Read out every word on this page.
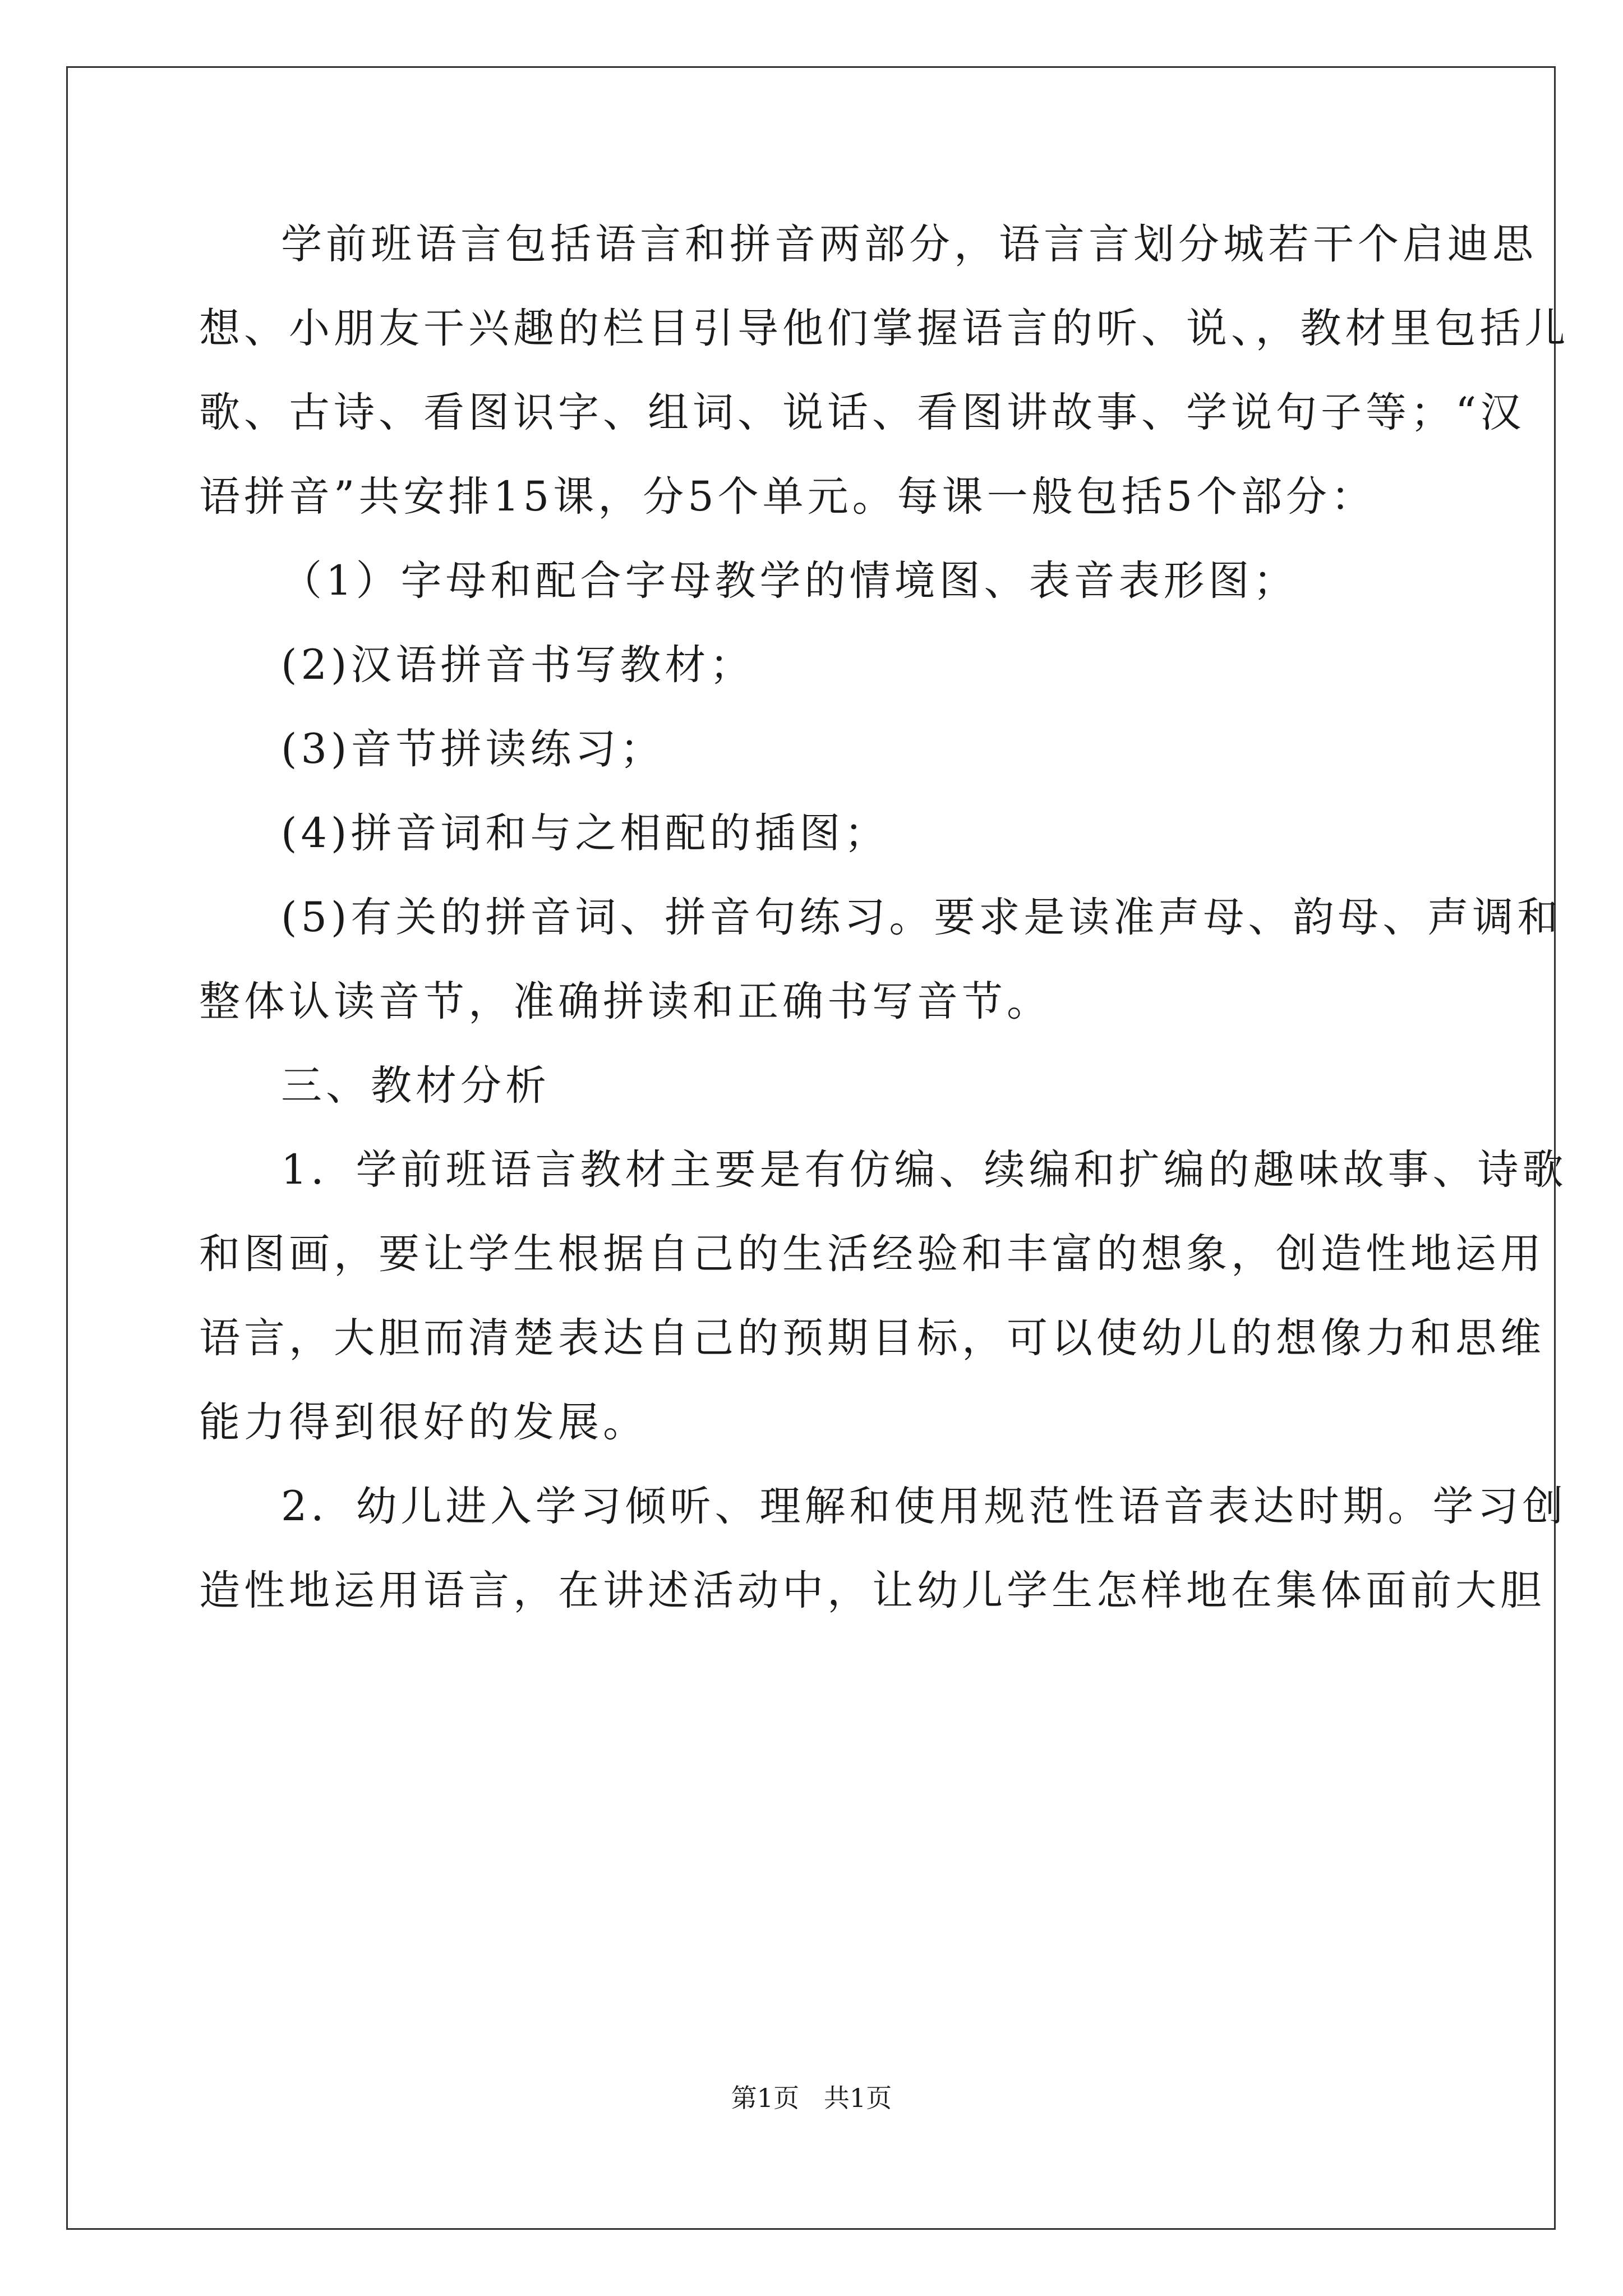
学前班语言包括语言和拼音两部分，语言言划分城若干个启迪思
想、小朋友干兴趣的栏目引导他们掌握语言的听、说、，教材里包括儿
歌、古诗、看图识字、组词、说话、看图讲故事、学说句子等；“汉
语拼音”共安排15课，分5个单元。每课一般包括5个部分：
（1）字母和配合字母教学的情境图、表音表形图；
(2)汉语拼音书写教材；
(3)音节拼读练习；
(4)拼音词和与之相配的插图；
(5)有关的拼音词、拼音句练习。要求是读准声母、韵母、声调和
整体认读音节，准确拼读和正确书写音节。
三、教材分析
1．学前班语言教材主要是有仿编、续编和扩编的趣味故事、诗歌
和图画，要让学生根据自己的生活经验和丰富的想象，创造性地运用
语言，大胆而清楚表达自己的预期目标，可以使幼儿的想像力和思维
能力得到很好的发展。
2．幼儿进入学习倾听、理解和使用规范性语音表达时期。学习创
造性地运用语言，在讲述活动中，让幼儿学生怎样地在集体面前大胆
第1页   共1页
